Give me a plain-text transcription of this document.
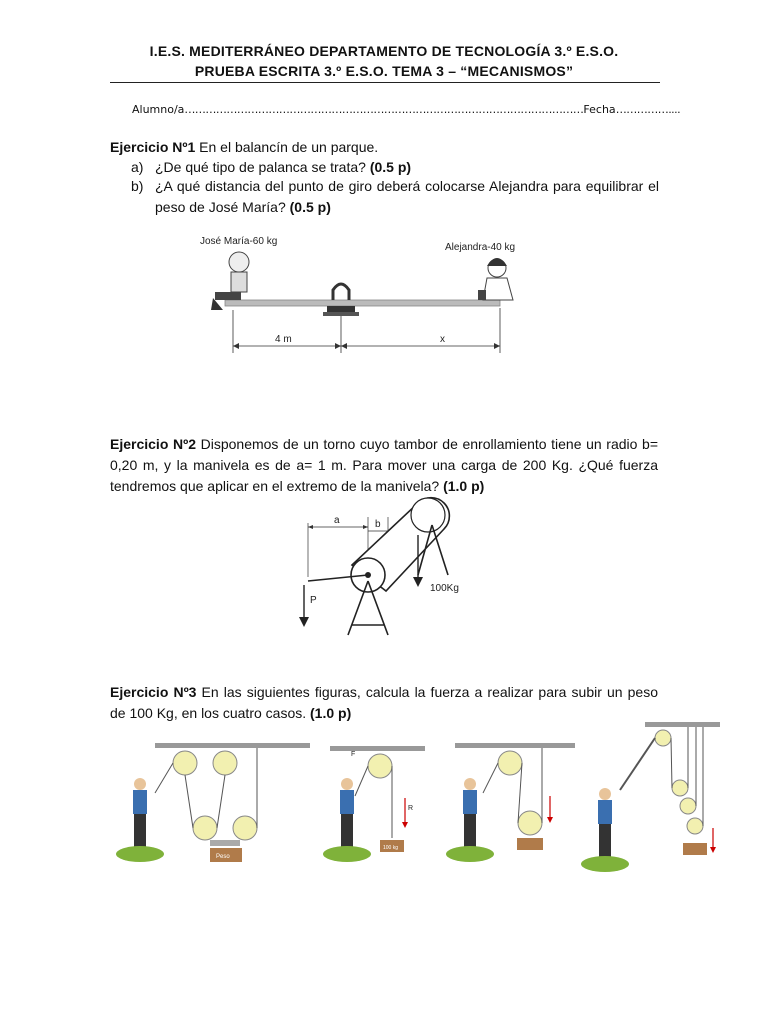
I.E.S. MEDITERRÁNEO DEPARTAMENTO DE TECNOLOGÍA 3.º E.S.O.
PRUEBA ESCRITA 3.º E.S.O. TEMA 3 – “MECANISMOS”
Alumno/a……………………………………………………………………………………………………Fecha……………....
Ejercicio Nº1 En el balancín de un parque.
a) ¿De qué tipo de palanca se trata? (0.5 p)
b) ¿A qué distancia del punto de giro deberá colocarse Alejandra para equilibrar el peso de José María? (0.5 p)
José María-60 kg
Alejandra-40 kg
4 m	x
Ejercicio Nº2 Disponemos de un torno cuyo tambor de enrollamiento tiene un radio b= 0,20 m, y la manivela es de a= 1 m. Para mover una carga de 200 Kg. ¿Qué fuerza tendremos que aplicar en el extremo de la manivela? (1.0 p)
a	b
P
100Kg
Ejercicio Nº3 En las siguientes figuras, calcula la fuerza a realizar para subir un peso de 100 Kg, en los cuatro casos. (1.0 p)
Peso
100 kg
R
F
